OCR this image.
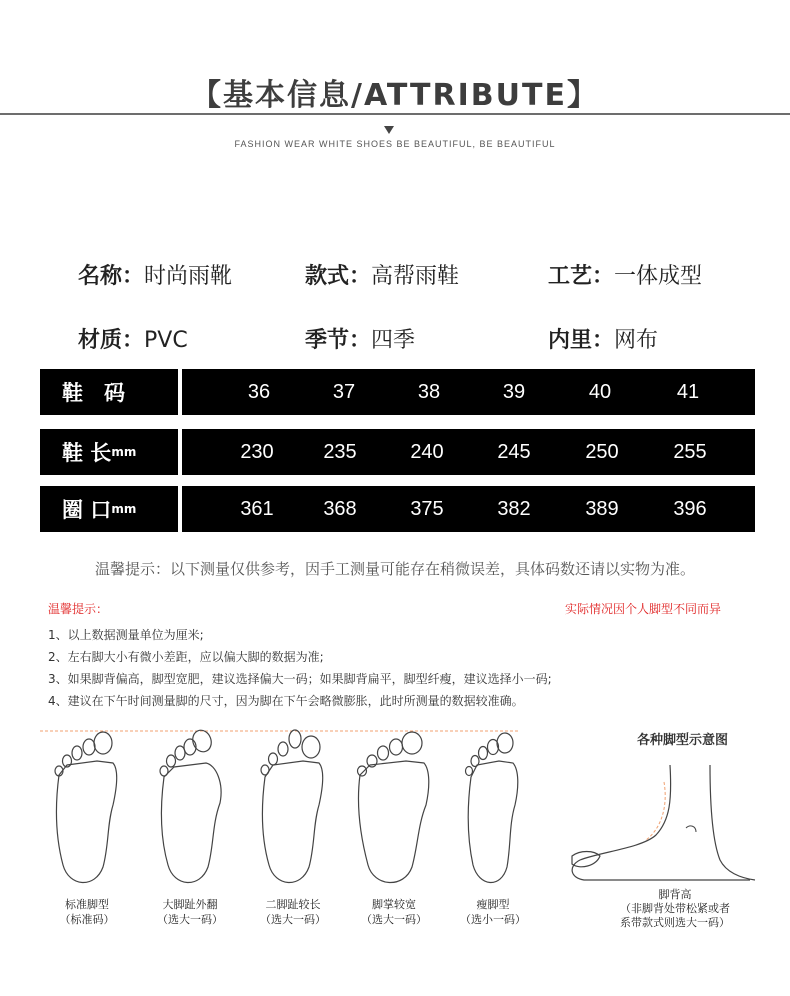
【基本信息/ATTRIBUTE】
FASHION WEAR WHITE SHOES BE BEAUTIFUL, BE BEAUTIFUL
名称：时尚雨靴	款式：高帮雨鞋	工艺：一体成型
材质：PVC	季节：四季	内里：网布
鞋　码	36	37	38	39	40	41
鞋 长 mm	230	235	240	245	250	255
圈 口 mm	361	368	375	382	389	396
温馨提示：以下测量仅供参考，因手工测量可能存在稍微误差，具体码数还请以实物为准。
温馨提示：	实际情况因个人脚型不同而异
1、以上数据测量单位为厘米;
2、左右脚大小有微小差距，应以偏大脚的数据为准;
3、如果脚背偏高，脚型宽肥，建议选择偏大一码；如果脚背扁平，脚型纤瘦，建议选择小一码;
4、建议在下午时间测量脚的尺寸，因为脚在下午会略微膨胀，此时所测量的数据较准确。
标准脚型
（标准码）
大脚趾外翻
（选大一码）
二脚趾较长
（选大一码）
脚掌较宽
（选大一码）
瘦脚型
（选小一码）
各种脚型示意图
脚背高
（非脚背处带松紧或者
系带款式则选大一码）
